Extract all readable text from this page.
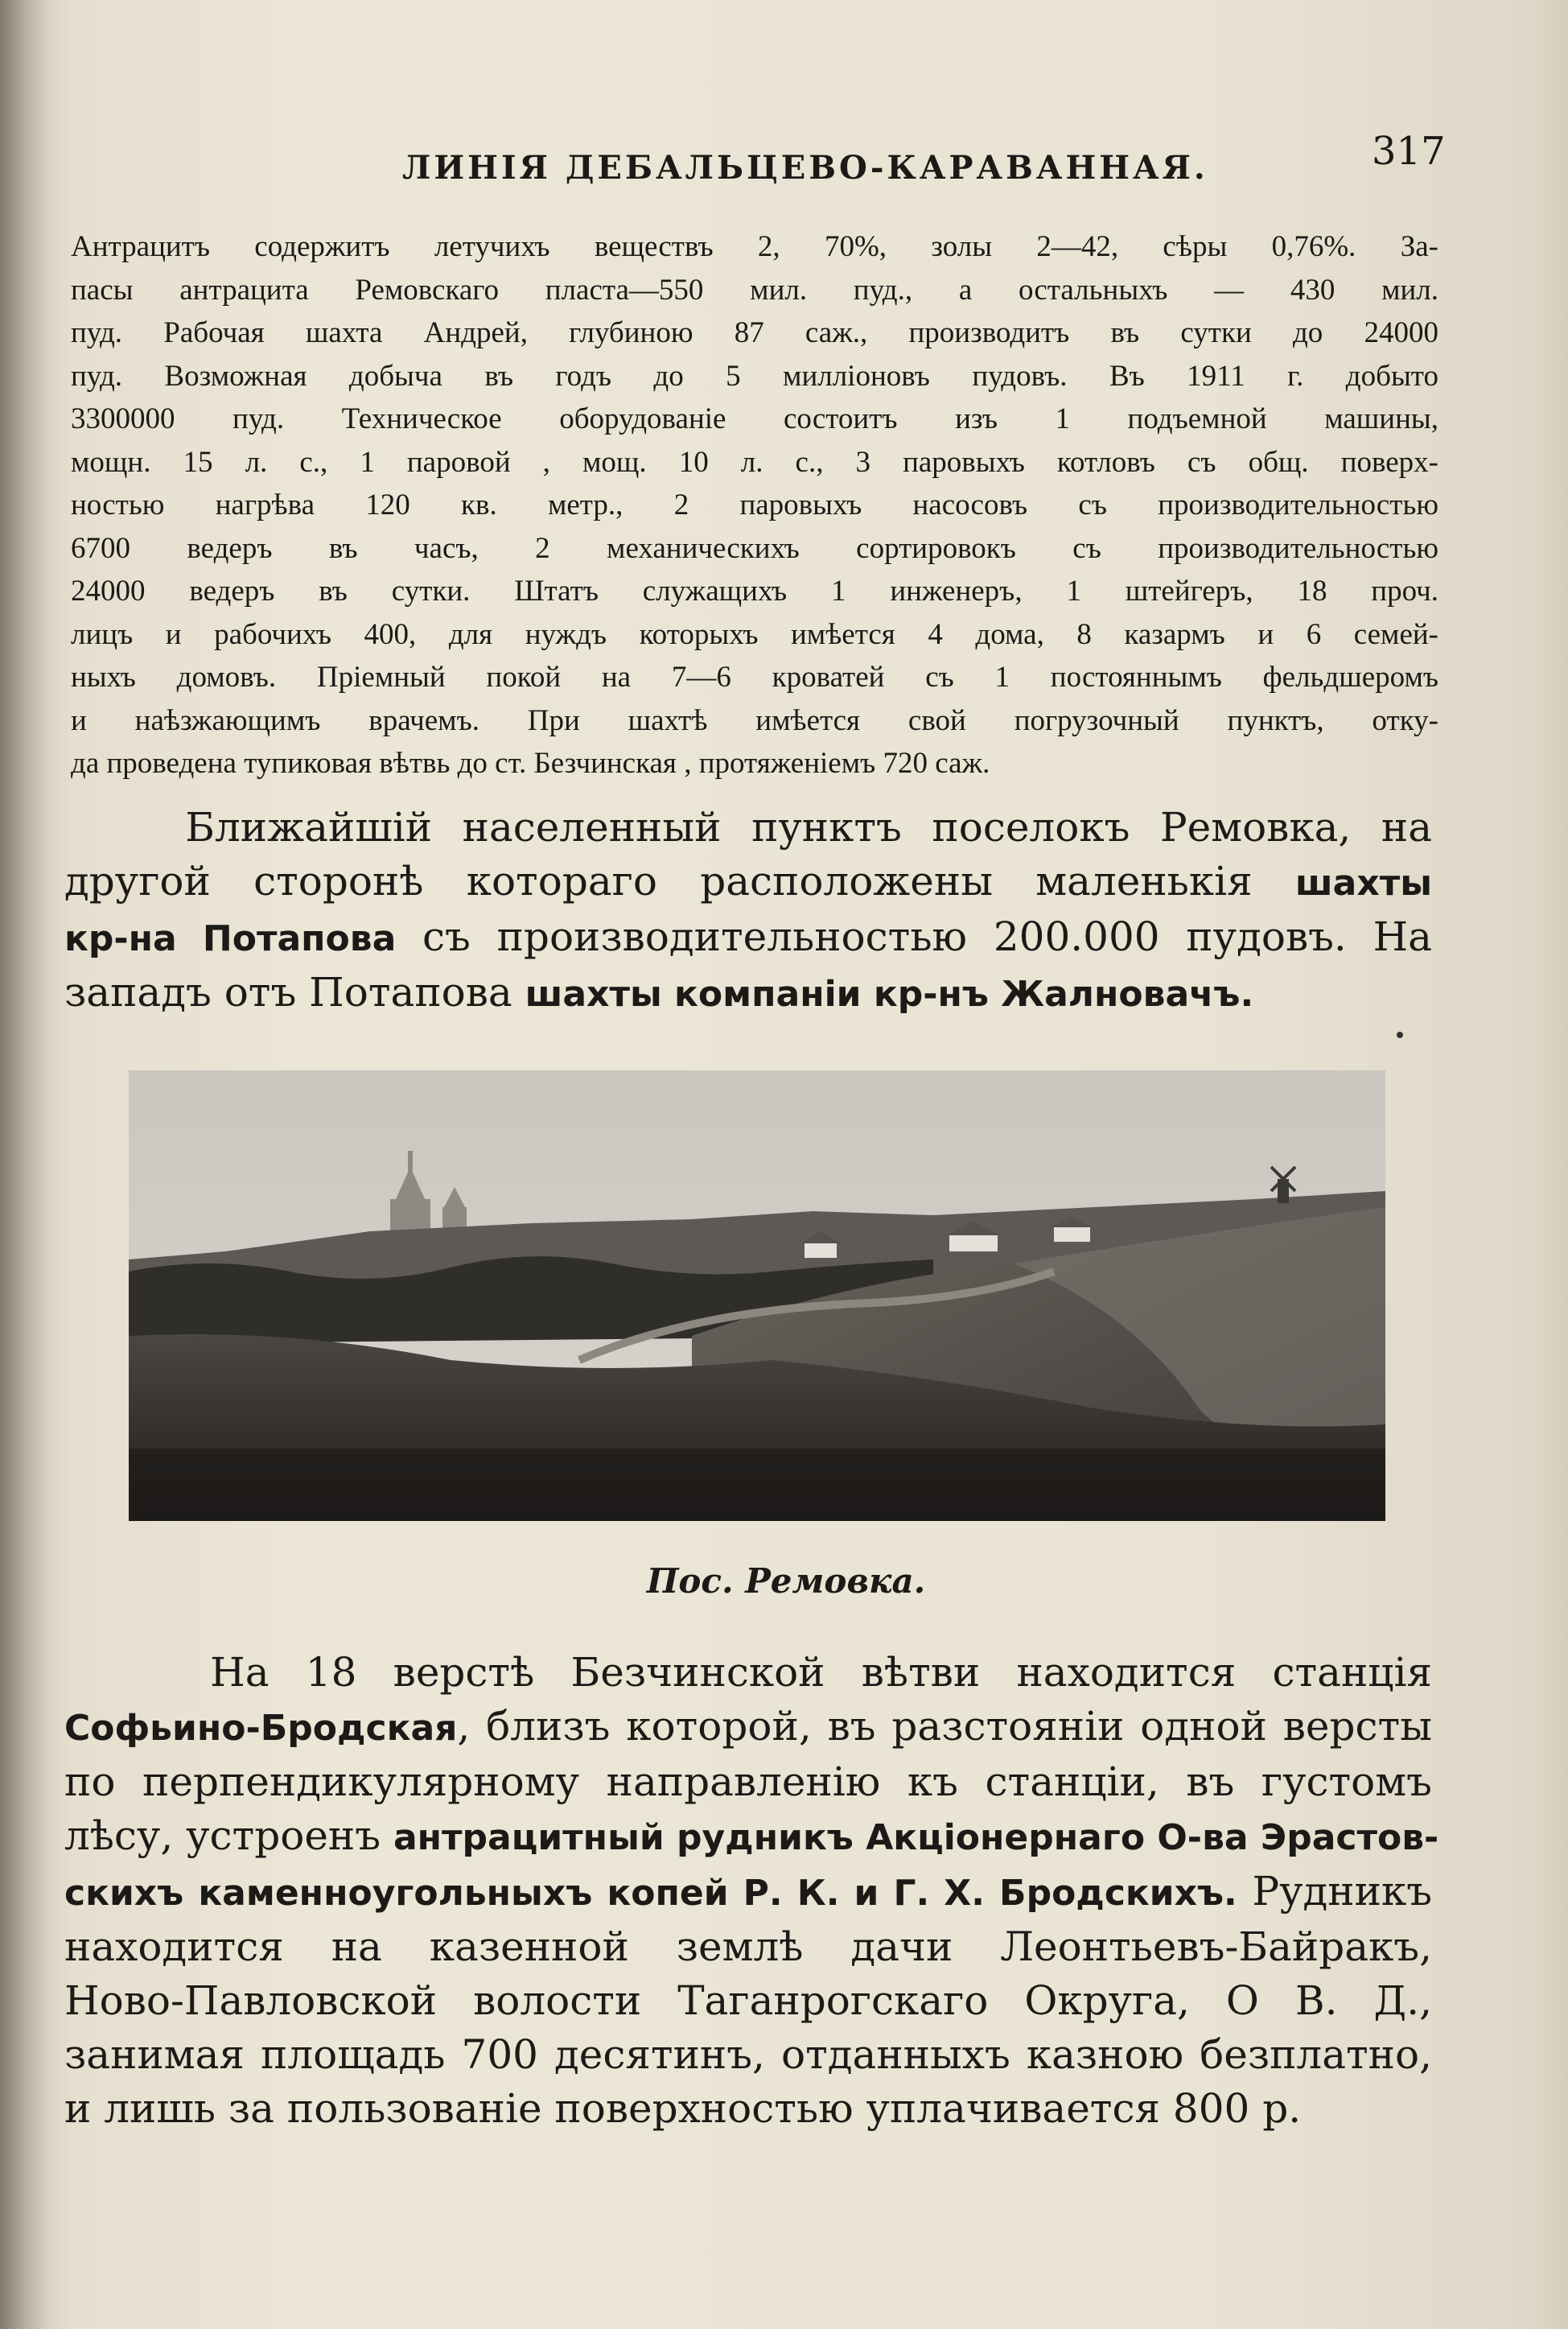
ЛИНІЯ ДЕБАЛЬЦЕВО-КАРАВАННАЯ.	317
Антрацитъ содержитъ летучихъ веществъ 2, 70%, золы 2—42, сѣры 0,76%. За-
пасы антрацита Ремовскаго пласта—550 мил. пуд., а остальныхъ — 430 мил.
пуд. Рабочая шахта Андрей, глубиною 87 саж., производитъ въ сутки до 24000
пуд. Возможная добыча въ годъ до 5 милліоновъ пудовъ. Въ 1911 г. добыто
3300000 пуд. Техническое оборудованіе состоитъ изъ 1 подъемной машины,
мощн. 15 л. с., 1 паровой , мощ. 10 л. с., 3 паровыхъ котловъ съ общ. поверх-
ностью нагрѣва 120 кв. метр., 2 паровыхъ насосовъ съ производительностью
6700 ведеръ въ часъ, 2 механическихъ сортировокъ съ производительностью
24000 ведеръ въ сутки. Штатъ служащихъ 1 инженеръ, 1 штейгеръ, 18 проч.
лицъ и рабочихъ 400, для нуждъ которыхъ имѣется 4 дома, 8 казармъ и 6 семей-
ныхъ домовъ. Пріемный покой на 7—6 кроватей съ 1 постояннымъ фельдшеромъ
и наѣзжающимъ врачемъ. При шахтѣ имѣется свой погрузочный пунктъ, отку-
да проведена тупиковая вѣтвь до ст. Безчинская , протяженіемъ 720 саж.
Ближайшій населенный пунктъ поселокъ Ремовка, на
другой сторонѣ котораго расположены маленькія шахты
кр-на Потапова съ производительностью 200.000 пудовъ. На
западъ отъ Потапова шахты компаніи кр-нъ Жалновачъ.
Пос. Ремовка.
На 18 верстѣ Безчинской вѣтви находится станція
Софьино-Бродская, близъ которой, въ разстояніи одной версты
по перпендикулярному направленію къ станціи, въ густомъ
лѣсу, устроенъ антрацитный рудникъ Акціонернаго О-ва Эрастов-
скихъ каменноугольныхъ копей Р. К. и Г. Х. Бродскихъ. Рудникъ
находится на казенной землѣ дачи Леонтьевъ-Байракъ,
Ново-Павловской волости Таганрогскаго Округа, О В. Д.,
занимая площадь 700 десятинъ, отданныхъ казною безплатно,
и лишь за пользованіе поверхностью уплачивается 800 р.
